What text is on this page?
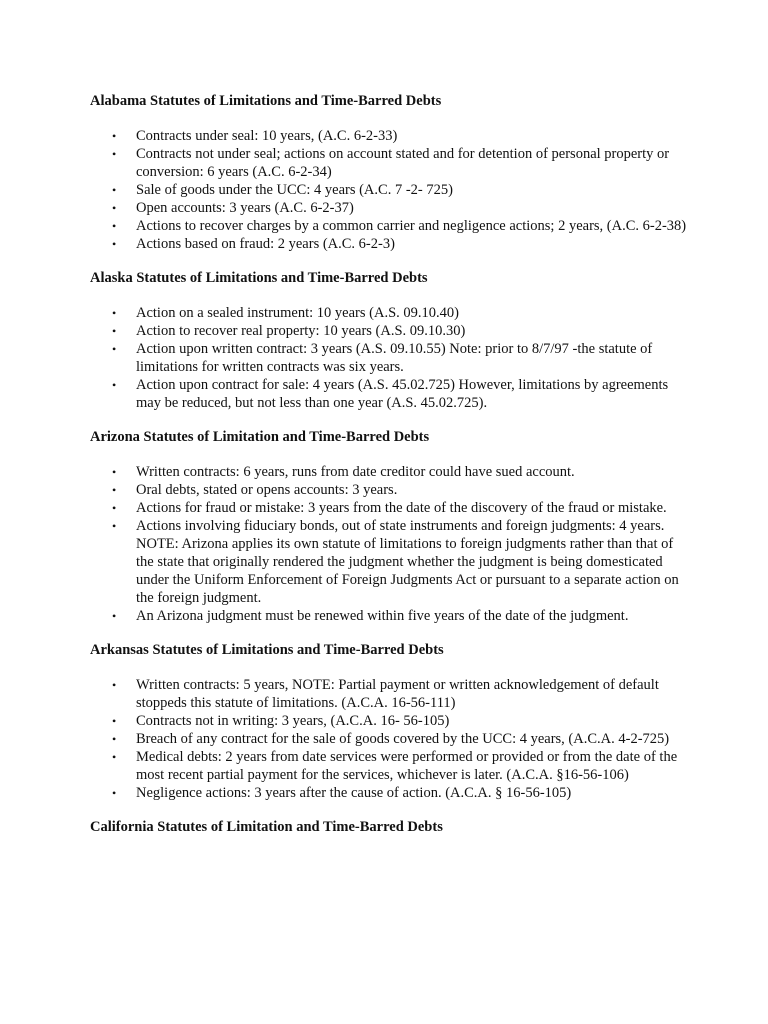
Alabama Statutes of Limitations and Time-Barred Debts
• Contracts under seal: 10 years, (A.C. 6-2-33)
• Contracts not under seal; actions on account stated and for detention of personal property or conversion: 6 years (A.C. 6-2-34)
• Sale of goods under the UCC: 4 years (A.C. 7 -2- 725)
• Open accounts: 3 years (A.C. 6-2-37)
• Actions to recover charges by a common carrier and negligence actions; 2 years, (A.C. 6-2-38)
• Actions based on fraud: 2 years (A.C. 6-2-3)
Alaska Statutes of Limitations and Time-Barred Debts
• Action on a sealed instrument: 10 years (A.S. 09.10.40)
• Action to recover real property: 10 years (A.S. 09.10.30)
• Action upon written contract: 3 years (A.S. 09.10.55) Note: prior to 8/7/97 -the statute of limitations for written contracts was six years.
• Action upon contract for sale: 4 years (A.S. 45.02.725) However, limitations by agreements may be reduced, but not less than one year (A.S. 45.02.725).
Arizona Statutes of Limitation and Time-Barred Debts
• Written contracts: 6 years, runs from date creditor could have sued account.
• Oral debts, stated or opens accounts: 3 years.
• Actions for fraud or mistake: 3 years from the date of the discovery of the fraud or mistake.
• Actions involving fiduciary bonds, out of state instruments and foreign judgments: 4 years. NOTE: Arizona applies its own statute of limitations to foreign judgments rather than that of the state that originally rendered the judgment whether the judgment is being domesticated under the Uniform Enforcement of Foreign Judgments Act or pursuant to a separate action on the foreign judgment.
• An Arizona judgment must be renewed within five years of the date of the judgment.
Arkansas Statutes of Limitations and Time-Barred Debts
• Written contracts: 5 years, NOTE: Partial payment or written acknowledgement of default stoppeds this statute of limitations. (A.C.A. 16-56-111)
• Contracts not in writing: 3 years, (A.C.A. 16- 56-105)
• Breach of any contract for the sale of goods covered by the UCC: 4 years, (A.C.A. 4-2-725)
• Medical debts: 2 years from date services were performed or provided or from the date of the most recent partial payment for the services, whichever is later. (A.C.A. §16-56-106)
• Negligence actions: 3 years after the cause of action. (A.C.A. § 16-56-105)
California Statutes of Limitation and Time-Barred Debts
